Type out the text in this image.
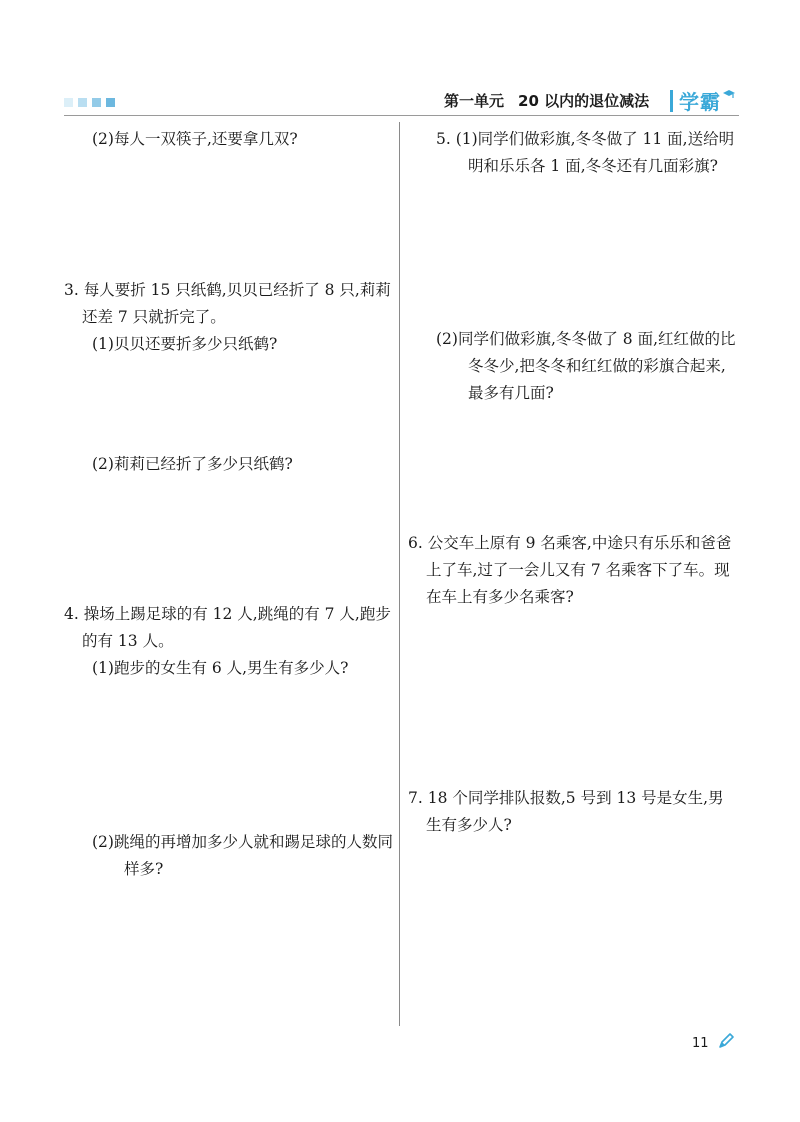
第一单元 20 以内的退位减法 学霸

(2)每人一双筷子,还要拿几双?

3. 每人要折 15 只纸鹤,贝贝已经折了 8 只,莉莉还差 7 只就折完了。

(1)贝贝还要折多少只纸鹤?

(2)莉莉已经折了多少只纸鹤?

4. 操场上踢足球的有 12 人,跳绳的有 7 人,跑步的有 13 人。

(1)跑步的女生有 6 人,男生有多少人?

(2)跳绳的再增加多少人就和踢足球的人数同样多?

5. (1)同学们做彩旗,冬冬做了 11 面,送给明明和乐乐各 1 面,冬冬还有几面彩旗?

(2)同学们做彩旗,冬冬做了 8 面,红红做的比冬冬少,把冬冬和红红做的彩旗合起来,最多有几面?

6. 公交车上原有 9 名乘客,中途只有乐乐和爸爸上了车,过了一会儿又有 7 名乘客下了车。现在车上有多少名乘客?

7. 18 个同学排队报数,5 号到 13 号是女生,男生有多少人?

11
